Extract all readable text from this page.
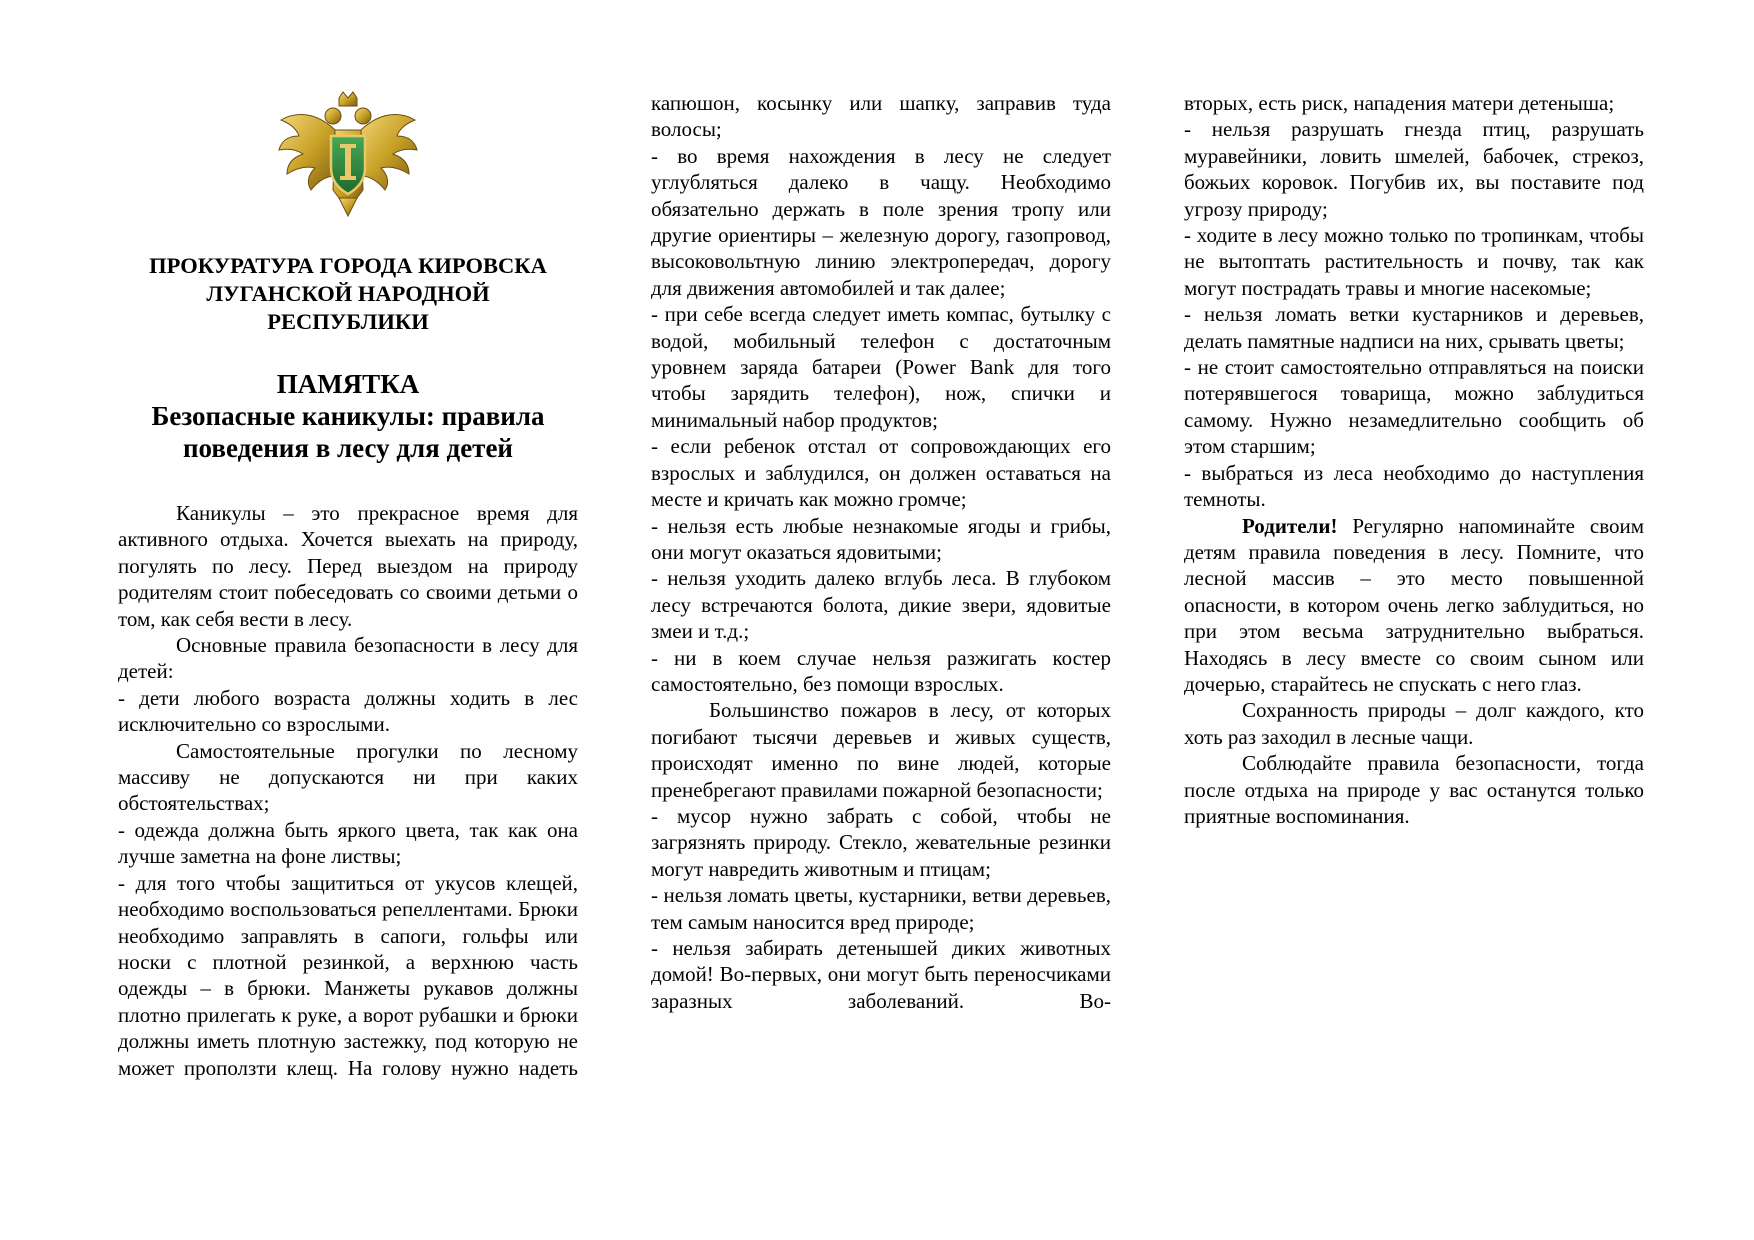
ПРОКУРАТУРА ГОРОДА КИРОВСКА
ЛУГАНСКОЙ НАРОДНОЙ
РЕСПУБЛИКИ
ПАМЯТКА
Безопасные каникулы: правила
поведения в лесу для детей

Каникулы – это прекрасное время для активного отдыха. Хочется выехать на природу, погулять по лесу. Перед выездом на природу родителям стоит побеседовать со своими детьми о том, как себя вести в лесу.

Основные правила безопасности в лесу для детей:

- дети любого возраста должны ходить в лес исключительно со взрослыми.

Самостоятельные прогулки по лесному массиву не допускаются ни при каких обстоятельствах;

- одежда должна быть яркого цвета, так как она лучше заметна на фоне листвы;

- для того чтобы защититься от укусов клещей, необходимо воспользоваться репеллентами. Брюки необходимо заправлять в сапоги, гольфы или носки с плотной резинкой, а верхнюю часть одежды – в брюки. Манжеты рукавов должны плотно прилегать к руке, а ворот рубашки и брюки должны иметь плотную застежку, под которую не может проползти клещ. На голову нужно надеть

капюшон, косынку или шапку, заправив туда волосы;

- во время нахождения в лесу не следует углубляться далеко в чащу. Необходимо обязательно держать в поле зрения тропу или другие ориентиры – железную дорогу, газопровод, высоковольтную линию электропередач, дорогу для движения автомобилей и так далее;

- при себе всегда следует иметь компас, бутылку с водой, мобильный телефон с достаточным уровнем заряда батареи (Power Bank для того чтобы зарядить телефон), нож, спички и минимальный набор продуктов;

- если ребенок отстал от сопровождающих его взрослых и заблудился, он должен оставаться на месте и кричать как можно громче;

- нельзя есть любые незнакомые ягоды и грибы, они могут оказаться ядовитыми;

- нельзя уходить далеко вглубь леса. В глубоком лесу встречаются болота, дикие звери, ядовитые змеи и т.д.;

- ни в коем случае нельзя разжигать костер самостоятельно, без помощи взрослых.

Большинство пожаров в лесу, от которых погибают тысячи деревьев и живых существ, происходят именно по вине людей, которые пренебрегают правилами пожарной безопасности;

- мусор нужно забрать с собой, чтобы не загрязнять природу. Стекло, жевательные резинки могут навредить животным и птицам;

- нельзя ломать цветы, кустарники, ветви деревьев, тем самым наносится вред природе;

- нельзя забирать детенышей диких животных домой! Во-первых, они могут быть переносчиками заразных заболеваний. Во-

вторых, есть риск, нападения матери детеныша;

- нельзя разрушать гнезда птиц, разрушать муравейники, ловить шмелей, бабочек, стрекоз, божьих коровок. Погубив их, вы поставите под угрозу природу;

- ходите в лесу можно только по тропинкам, чтобы не вытоптать растительность и почву, так как могут пострадать травы и многие насекомые;

- нельзя ломать ветки кустарников и деревьев, делать памятные надписи на них, срывать цветы;

- не стоит самостоятельно отправляться на поиски потерявшегося товарища, можно заблудиться самому. Нужно незамедлительно сообщить об этом старшим;

- выбраться из леса необходимо до наступления темноты.

Родители! Регулярно напоминайте своим детям правила поведения в лесу. Помните, что лесной массив – это место повышенной опасности, в котором очень легко заблудиться, но при этом весьма затруднительно выбраться. Находясь в лесу вместе со своим сыном или дочерью, старайтесь не спускать с него глаз.

Сохранность природы – долг каждого, кто хоть раз заходил в лесные чащи.

Соблюдайте правила безопасности, тогда после отдыха на природе у вас останутся только приятные воспоминания.
